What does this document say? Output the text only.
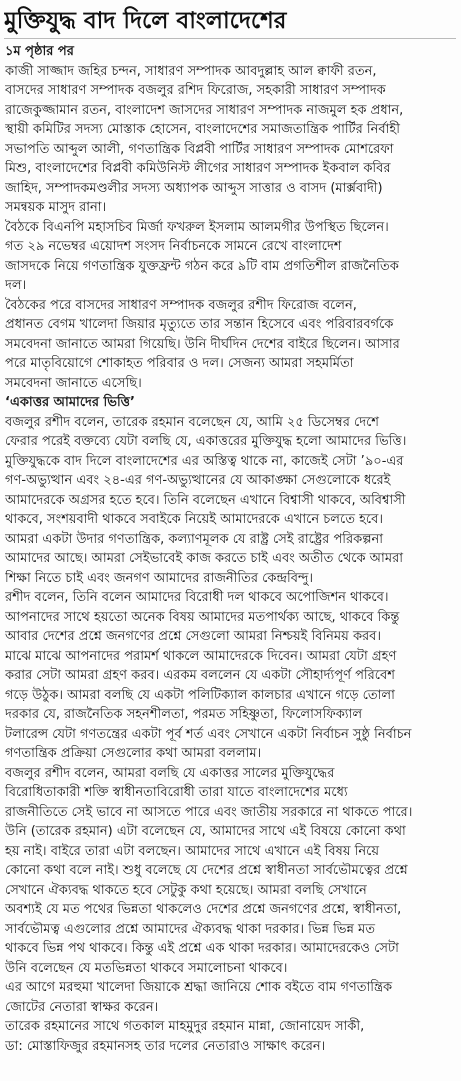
মুক্তিযুদ্ধ বাদ দিলে বাংলাদেশের
১ম পৃষ্ঠার পর
কাজী সাজ্জাদ জহির চন্দন, সাধারণ সম্পাদক আবদুল্লাহ আল ক্বাফী রতন,
বাসদের সাধারণ সম্পাদক বজলুর রশিদ ফিরোজ, সহকারী সাধারণ সম্পাদক
রাজেকুজ্জামান রতন, বাংলাদেশ জাসদের সাধারণ সম্পাদক নাজমুল হক প্রধান,
স্থায়ী কমিটির সদস্য মোস্তাক হোসেন, বাংলাদেশের সমাজতান্ত্রিক পার্টির নির্বাহী
সভাপতি আব্দুল আলী, গণতান্ত্রিক বিপ্লবী পার্টির সাধারণ সম্পাদক মোশরেফা
মিশু, বাংলাদেশের বিপ্লবী কমিউনিস্ট লীগের সাধারণ সম্পাদক ইকবাল কবির
জাহিদ, সম্পাদকমণ্ডলীর সদস্য অধ্যাপক আব্দুস সাত্তার ও বাসদ (মার্ক্সবাদী)
সমন্বয়ক মাসুদ রানা।
বৈঠকে বিএনপি মহাসচিব মির্জা ফখরুল ইসলাম আলমগীর উপস্থিত ছিলেন।
গত ২৯ নভেম্বর এয়োদশ সংসদ নির্বাচনকে সামনে রেখে বাংলাদেশ
জাসদকে নিয়ে গণতান্ত্রিক যুক্তফ্রন্ট গঠন করে ৯টি বাম প্রগতিশীল রাজনৈতিক
দল।
বৈঠকের পরে বাসদের সাধারণ সম্পাদক বজলুর রশীদ ফিরোজ বলেন,
প্রধানত বেগম খালেদা জিয়ার মৃত্যুতে তার সন্তান হিসেবে এবং পরিবারবর্গকে
সমবেদনা জানাতে আমরা গিয়েছি। উনি দীর্ঘদিন দেশের বাইরে ছিলেন। আসার
পরে মাতৃবিয়োগে শোকাহত পরিবার ও দল। সেজন্য আমরা সহমর্মিতা
সমবেদনা জানাতে এসেছি।
‘একাত্তর আমাদের ভিত্তি’
বজলুর রশীদ বলেন, তারেক রহমান বলেছেন যে, আমি ২৫ ডিসেম্বর দেশে
ফেরার পরেই বক্তব্যে যেটা বলছি যে, একাত্তরের মুক্তিযুদ্ধ হলো আমাদের ভিত্তি।
মুক্তিযুদ্ধকে বাদ দিলে বাংলাদেশের এর অস্তিত্ব থাকে না, কাজেই সেটা ’৯০-এর
গণ-অভ্যুত্থান এবং ২৪-এর গণ-অভ্যুত্থানের যে আকাঙ্ক্ষা সেগুলোকে ধরেই
আমাদেরকে অগ্রসর হতে হবে। তিনি বলেছেন এখানে বিশ্বাসী থাকবে, অবিশ্বাসী
থাকবে, সংশয়বাদী থাকবে সবাইকে নিয়েই আমাদেরকে এখানে চলতে হবে।
আমরা একটা উদার গণতান্ত্রিক, কল্যাণমূলক যে রাষ্ট্র সেই রাষ্ট্রের পরিকল্পনা
আমাদের আছে। আমরা সেইভাবেই কাজ করতে চাই এবং অতীত থেকে আমরা
শিক্ষা নিতে চাই এবং জনগণ আমাদের রাজনীতির কেন্দ্রবিন্দু।
রশীদ বলেন, তিনি বলেন আমাদের বিরোধী দল থাকবে অপোজিশন থাকবে।
আপনাদের সাথে হয়তো অনেক বিষয় আমাদের মতপার্থক্য আছে, থাকবে কিন্তু
আবার দেশের প্রশ্নে জনগণের প্রশ্নে সেগুলো আমরা নিশ্চয়ই বিনিময় করব।
মাঝে মাঝে আপনাদের পরামর্শ থাকলে আমাদেরকে দিবেন। আমরা যেটা গ্রহণ
করার সেটা আমরা গ্রহণ করব। এরকম বললেন যে একটা সৌহার্দ্যপূর্ণ পরিবেশ
গড়ে উঠুক। আমরা বলছি যে একটা পলিটিক্যাল কালচার এখানে গড়ে তোলা
দরকার যে, রাজনৈতিক সহনশীলতা, পরমত সহিষ্ণুতা, ফিলোসফিক্যাল
টলারেন্স যেটা গণতন্ত্রের একটা পূর্ব শর্ত এবং সেখানে একটা নির্বাচন সুষ্ঠু নির্বাচন
গণতান্ত্রিক প্রক্রিয়া সেগুলোর কথা আমরা বললাম।
বজলুর রশীদ বলেন, আমরা বলছি যে একাত্তর সালের মুক্তিযুদ্ধের
বিরোধিতাকারী শক্তি স্বাধীনতাবিরোধী তারা যাতে বাংলাদেশের মধ্যে
রাজনীতিতে সেই ভাবে না আসতে পারে এবং জাতীয় সরকারে না থাকতে পারে।
উনি (তারেক রহমান) এটা বলেছেন যে, আমাদের সাথে এই বিষয়ে কোনো কথা
হয় নাই। বাইরে তারা এটা বলছেন। আমাদের সাথে এখানে এই বিষয় নিয়ে
কোনো কথা বলে নাই। শুধু বলেছে যে দেশের প্রশ্নে স্বাধীনতা সার্বভৌমত্বের প্রশ্নে
সেখানে ঐক্যবদ্ধ থাকতে হবে সেটুকু কথা হয়েছে। আমরা বলছি সেখানে
অবশ্যই যে মত পথের ভিন্নতা থাকলেও দেশের প্রশ্নে জনগণের প্রশ্নে, স্বাধীনতা,
সার্বভৌমত্ব এগুলোর প্রশ্নে আমাদের ঐক্যবদ্ধ থাকা দরকার। ভিন্ন ভিন্ন মত
থাকবে ভিন্ন পথ থাকবে। কিন্তু এই প্রশ্নে এক থাকা দরকার। আমাদেরকেও সেটা
উনি বলেছেন যে মতভিন্নতা থাকবে সমালোচনা থাকবে।
এর আগে মরহুমা খালেদা জিয়াকে শ্রদ্ধা জানিয়ে শোক বইতে বাম গণতান্ত্রিক
জোটের নেতারা স্বাক্ষর করেন।
তারেক রহমানের সাথে গতকাল মাহমুদুর রহমান মান্না, জোনায়েদ সাকী,
ডা: মোস্তাফিজুর রহমানসহ তার দলের নেতারাও সাক্ষাৎ করেন।
